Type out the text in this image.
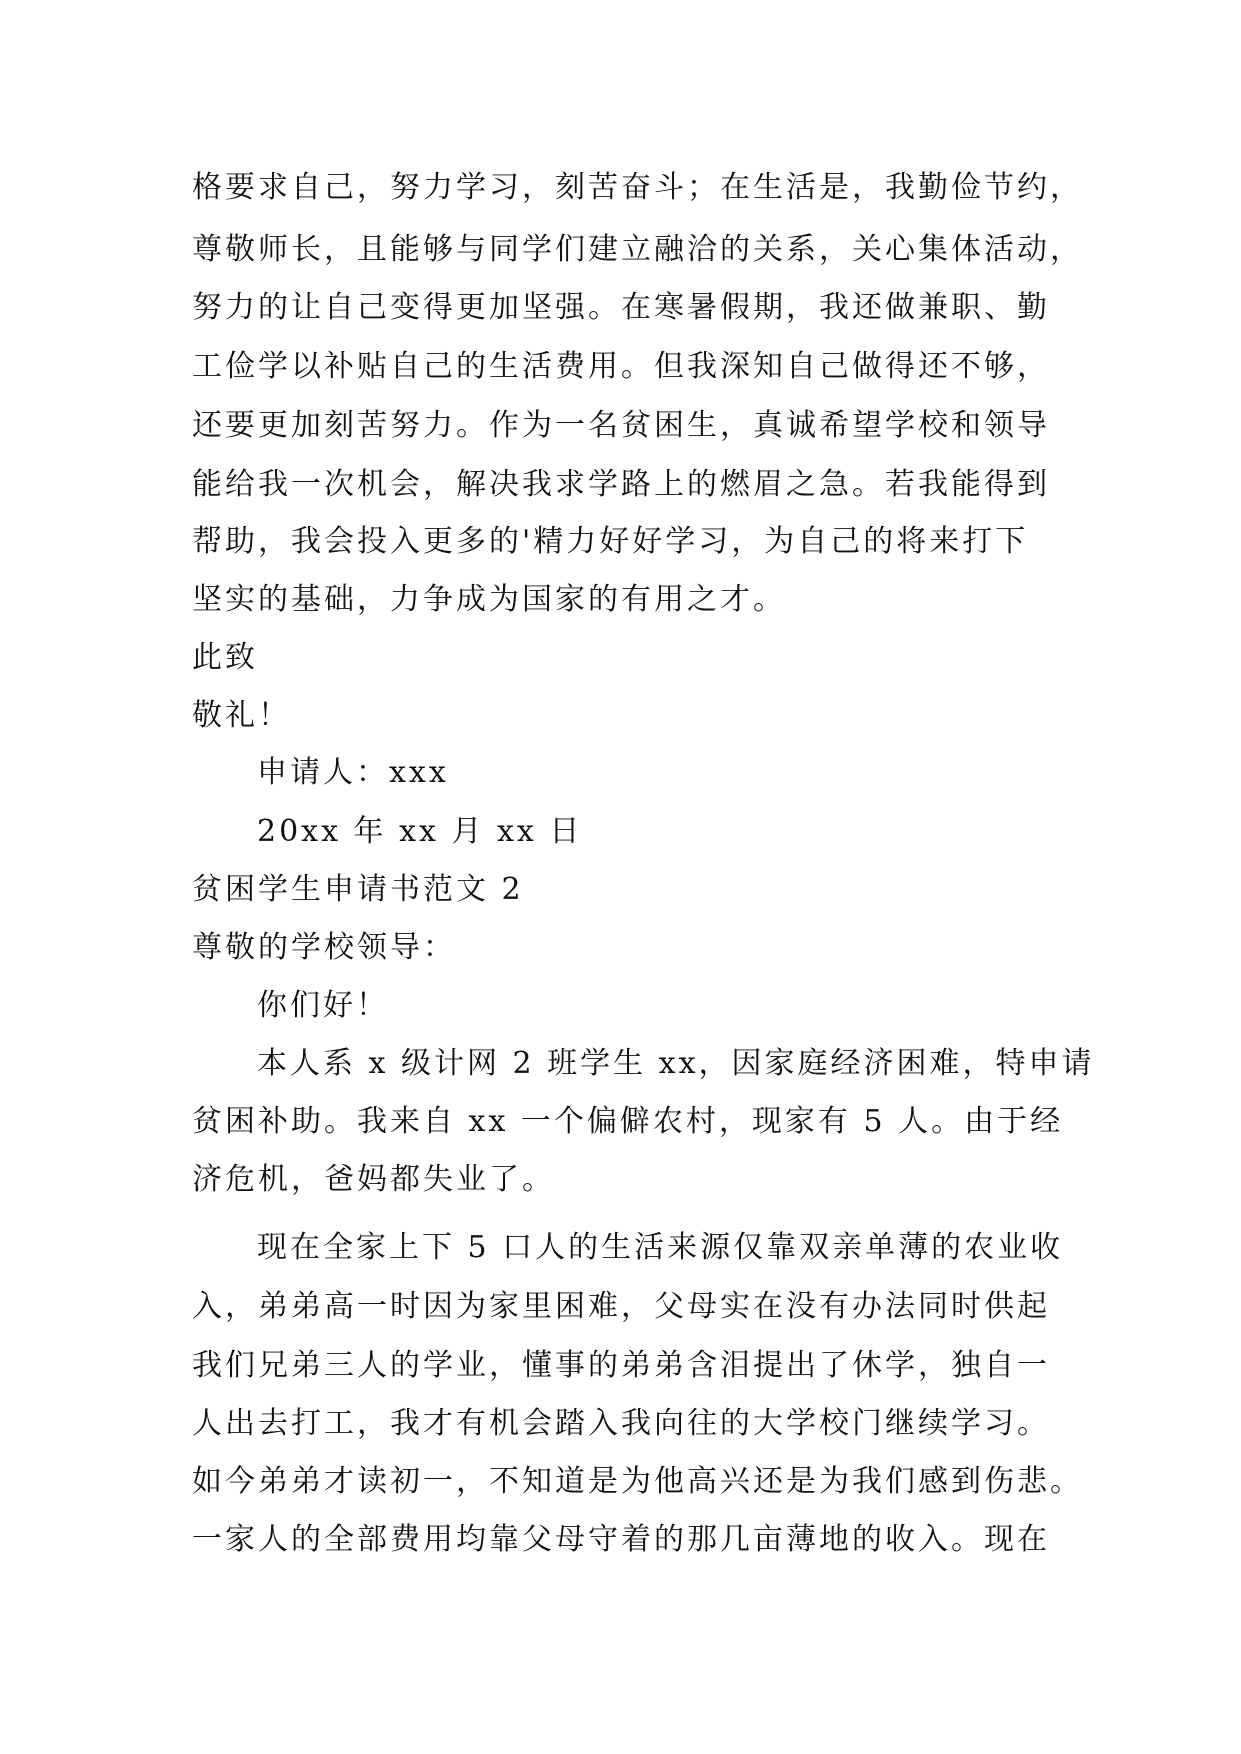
格要求自己，努力学习，刻苦奋斗；在生活是，我勤俭节约，
尊敬师长，且能够与同学们建立融洽的关系，关心集体活动，
努力的让自己变得更加坚强。在寒暑假期，我还做兼职、勤
工俭学以补贴自己的生活费用。但我深知自己做得还不够，
还要更加刻苦努力。作为一名贫困生，真诚希望学校和领导
能给我一次机会，解决我求学路上的燃眉之急。若我能得到
帮助，我会投入更多的'精力好好学习，为自己的将来打下
坚实的基础，力争成为国家的有用之才。
此致
敬礼！
申请人：xxx
20xx 年 xx 月 xx 日
贫困学生申请书范文 2
尊敬的学校领导：
你们好！
本人系 x 级计网 2 班学生 xx，因家庭经济困难，特申请
贫困补助。我来自 xx 一个偏僻农村，现家有 5 人。由于经
济危机，爸妈都失业了。
现在全家上下 5 口人的生活来源仅靠双亲单薄的农业收
入，弟弟高一时因为家里困难，父母实在没有办法同时供起
我们兄弟三人的学业，懂事的弟弟含泪提出了休学，独自一
人出去打工，我才有机会踏入我向往的大学校门继续学习。
如今弟弟才读初一，不知道是为他高兴还是为我们感到伤悲。
一家人的全部费用均靠父母守着的那几亩薄地的收入。现在
